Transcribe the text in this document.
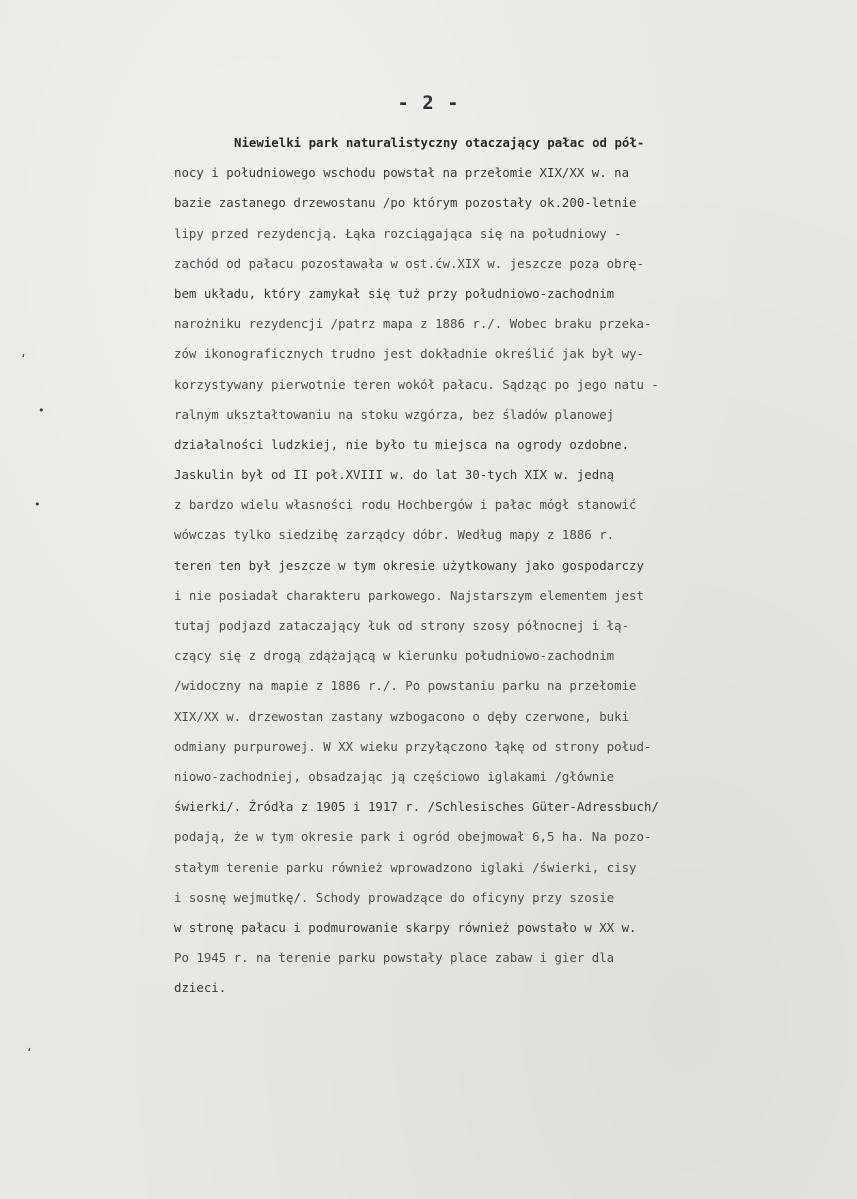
- 2 -
ʻ
•
•
ʻ
Niewielki park naturalistyczny otaczający pałac od pół-
nocy i południowego wschodu powstał na przełomie XIX/XX w. na
bazie zastanego drzewostanu /po którym pozostały ok.200-letnie
lipy przed rezydencją. Łąka rozciągająca się na południowy -
zachód od pałacu pozostawała w ost.ćw.XIX w. jeszcze poza obrę-
bem układu, który zamykał się tuż przy południowo-zachodnim
narożniku rezydencji /patrz mapa z 1886 r./. Wobec braku przeka-
zów ikonograficznych trudno jest dokładnie określić jak był wy-
korzystywany pierwotnie teren wokół pałacu. Sądząc po jego natu -
ralnym ukształtowaniu na stoku wzgórza, bez śladów planowej
działalności ludzkiej, nie było tu miejsca na ogrody ozdobne.
Jaskulin był od II poł.XVIII w. do lat 30-tych XIX w. jedną
z bardzo wielu własności rodu Hochbergów i pałac mógł stanowić
wówczas tylko siedzibę zarządcy dóbr. Według mapy z 1886 r.
teren ten był jeszcze w tym okresie użytkowany jako gospodarczy
i nie posiadał charakteru parkowego. Najstarszym elementem jest
tutaj podjazd zataczający łuk od strony szosy północnej i łą-
czący się z drogą zdążającą w kierunku południowo-zachodnim
/widoczny na mapie z 1886 r./. Po powstaniu parku na przełomie
XIX/XX w. drzewostan zastany wzbogacono o dęby czerwone, buki
odmiany purpurowej. W XX wieku przyłączono łąkę od strony połud-
niowo-zachodniej, obsadzając ją częściowo iglakami /głównie
świerki/. Źródła z 1905 i 1917 r. /Schlesisches Güter-Adressbuch/
podają, że w tym okresie park i ogród obejmował 6,5 ha. Na pozo-
stałym terenie parku również wprowadzono iglaki /świerki, cisy
i sosnę wejmutkę/. Schody prowadzące do oficyny przy szosie
w stronę pałacu i podmurowanie skarpy również powstało w XX w.
Po 1945 r. na terenie parku powstały place zabaw i gier dla
dzieci.
